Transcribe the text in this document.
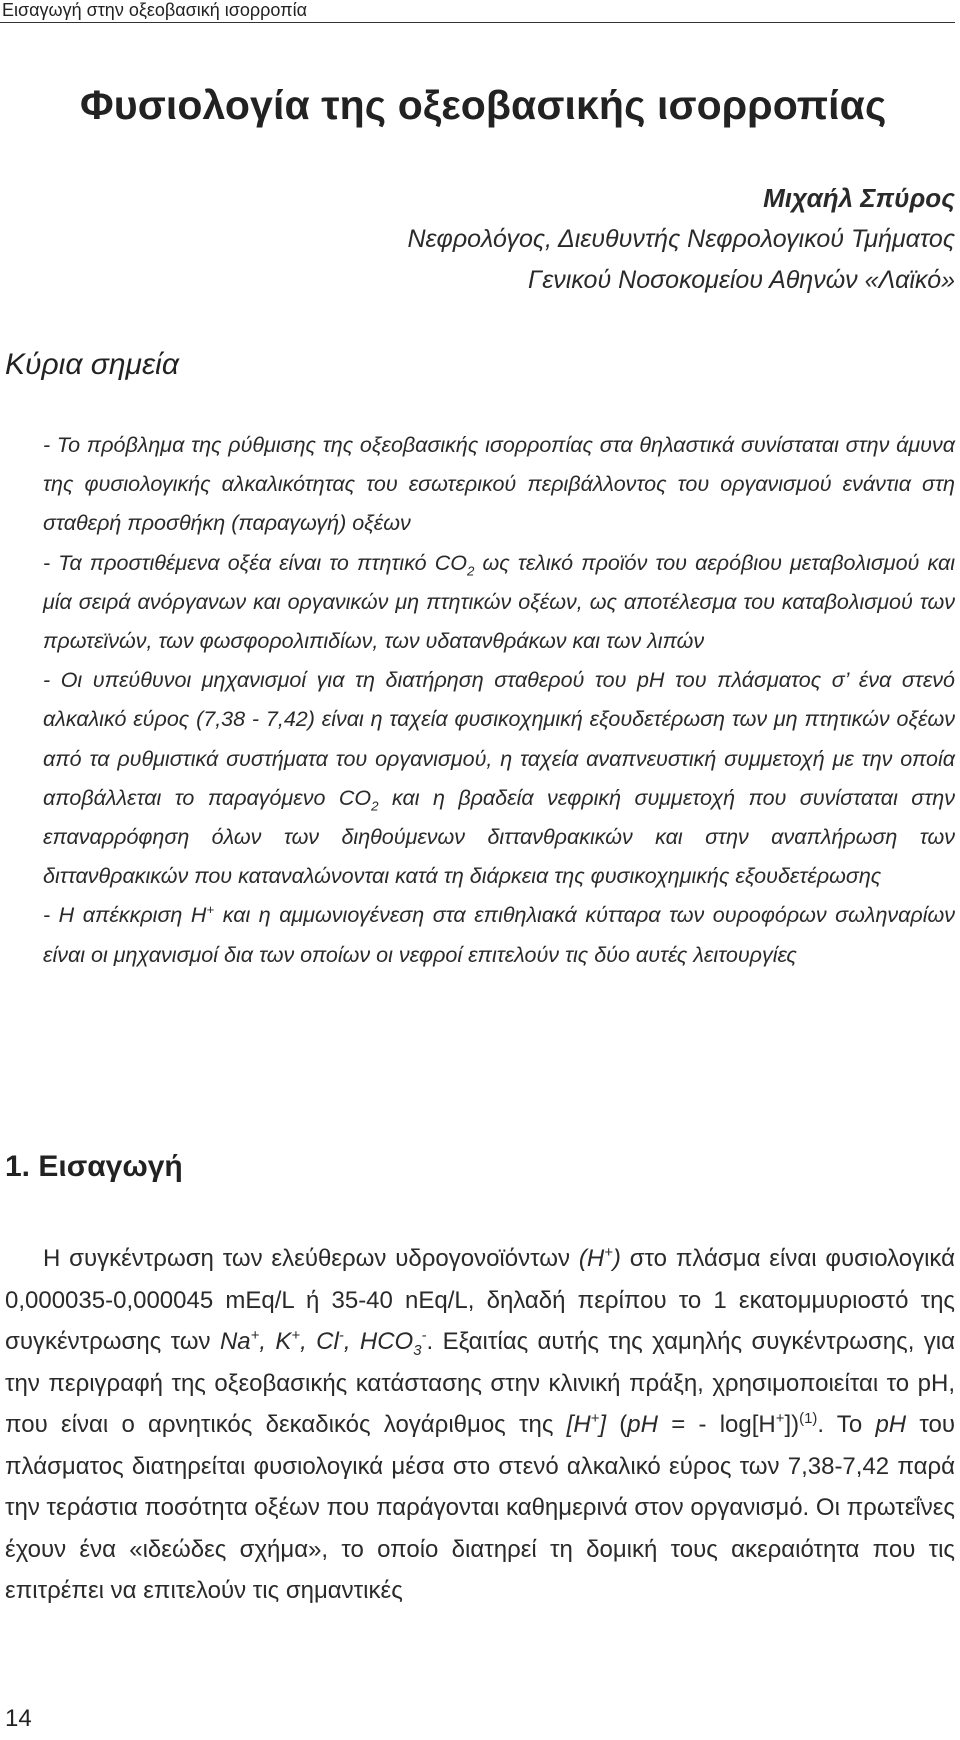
Εισαγωγή στην οξεοβασική ισορροπία
Φυσιολογία της οξεοβασικής ισορροπίας
Μιχαήλ Σπύρος
Νεφρολόγος, Διευθυντής Νεφρολογικού Τμήματος
Γενικού Νοσοκομείου Αθηνών «Λαϊκό»
Κύρια σημεία

- Το πρόβλημα της ρύθμισης της οξεοβασικής ισορροπίας στα θηλαστικά συνίσταται στην άμυνα της φυσιολογικής αλκαλικότητας του εσωτερικού περιβάλλοντος του οργανισμού ενάντια στη σταθερή προσθήκη (παραγωγή) οξέων

- Τα προστιθέμενα οξέα είναι το πτητικό $CO_2$ ως τελικό προϊόν του αερόβιου μεταβολισμού και μία σειρά ανόργανων και οργανικών μη πτητικών οξέων, ως αποτέλεσμα του καταβολισμού των πρωτεϊνών, των φωσφορολιπιδίων, των υδατανθράκων και των λιπών

- Οι υπεύθυνοι μηχανισμοί για τη διατήρηση σταθερού του pH του πλάσματος σ’ ένα στενό αλκαλικό εύρος (7,38 - 7,42) είναι η ταχεία φυσικοχημική εξουδετέρωση των μη πτητικών οξέων από τα ρυθμιστικά συστήματα του οργανισμού, η ταχεία αναπνευστική συμμετοχή με την οποία αποβάλλεται το παραγόμενο $CO_2$ και η βραδεία νεφρική συμμετοχή που συνίσταται στην επαναρρόφηση όλων των διηθούμενων διττανθρακικών και στην αναπλήρωση των διττανθρακικών που καταναλώνονται κατά τη διάρκεια της φυσικοχημικής εξουδετέρωσης

- Η απέκκριση H+ και η αμμωνιογένεση στα επιθηλιακά κύτταρα των ουροφόρων σωληναρίων είναι οι μηχανισμοί δια των οποίων οι νεφροί επιτελούν τις δύο αυτές λειτουργίες

1. Εισαγωγή

Η συγκέντρωση των ελεύθερων υδρογονοϊόντων (H+) στο πλάσμα είναι φυσιολογικά 0,000035-0,000045 mEq/L ή 35-40 nEq/L, δηλαδή περίπου το 1 εκατομμυριοστό της συγκέντρωσης των Na+, K+, Cl-, $HCO_3^-$. Εξαιτίας αυτής της χαμηλής συγκέντρωσης, για την περιγραφή της οξεοβασικής κατάστασης στην κλινική πράξη, χρησιμοποιείται το pH, που είναι ο αρνητικός δεκαδικός λογάριθμος της [H+] (pH = - log[H+])$^{(1)}$. Το pH του πλάσματος διατηρείται φυσιολογικά μέσα στο στενό αλκαλικό εύρος των 7,38-7,42 παρά την τεράστια ποσότητα οξέων που παράγονται καθημερινά στον οργανισμό. Οι πρωτεΐνες έχουν ένα «ιδεώδες σχήμα», το οποίο διατηρεί τη δομική τους ακεραιότητα που τις επιτρέπει να επιτελούν τις σημαντικές

14
